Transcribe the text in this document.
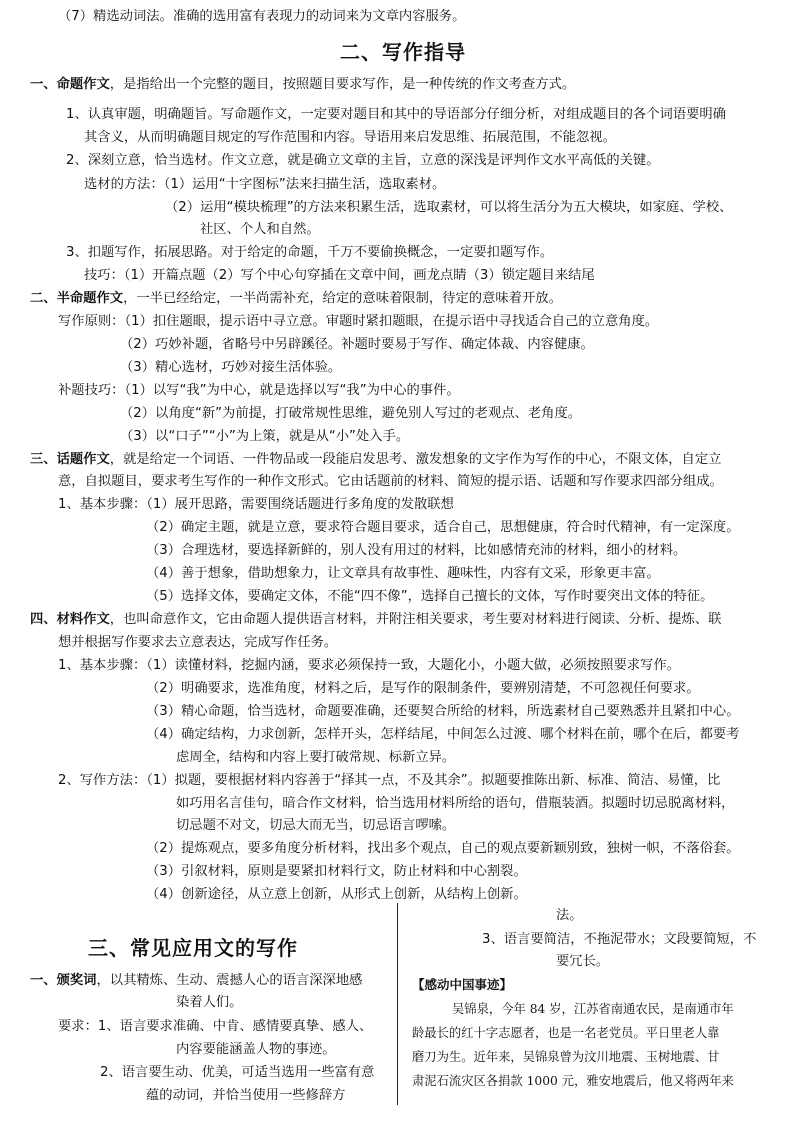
（7）精选动词法。准确的选用富有表现力的动词来为文章内容服务。
二、写作指导
一、命题作文，是指给出一个完整的题目，按照题目要求写作，是一种传统的作文考查方式。
1、认真审题，明确题旨。写命题作文，一定要对题目和其中的导语部分仔细分析，对组成题目的各个词语要明确
其含义，从而明确题目规定的写作范围和内容。导语用来启发思维、拓展范围，不能忽视。
2、深刻立意，恰当选材。作文立意，就是确立文章的主旨，立意的深浅是评判作文水平高低的关键。
选材的方法：（1）运用“十字图标”法来扫描生活，选取素材。
（2）运用“模块梳理”的方法来积累生活，选取素材，可以将生活分为五大模块，如家庭、学校、
社区、个人和自然。
3、扣题写作，拓展思路。对于给定的命题，千万不要偷换概念，一定要扣题写作。
技巧：（1）开篇点题（2）写个中心句穿插在文章中间，画龙点睛（3）锁定题目来结尾
二、半命题作文，一半已经给定，一半尚需补充，给定的意味着限制，待定的意味着开放。
写作原则：（1）扣住题眼，提示语中寻立意。审题时紧扣题眼，在提示语中寻找适合自己的立意角度。
（2）巧妙补题，省略号中另辟蹊径。补题时要易于写作、确定体裁、内容健康。
（3）精心选材，巧妙对接生活体验。
补题技巧：（1）以写“我”为中心，就是选择以写“我”为中心的事件。
（2）以角度“新”为前提，打破常规性思维，避免别人写过的老观点、老角度。
（3）以“口子”“小”为上策，就是从“小”处入手。
三、话题作文，就是给定一个词语、一件物品或一段能启发思考、激发想象的文字作为写作的中心，不限文体，自定立
意，自拟题目，要求考生写作的一种作文形式。它由话题前的材料、简短的提示语、话题和写作要求四部分组成。
1、基本步骤：（1）展开思路，需要围绕话题进行多角度的发散联想
（2）确定主题，就是立意，要求符合题目要求，适合自己，思想健康，符合时代精神，有一定深度。
（3）合理选材，要选择新鲜的，别人没有用过的材料，比如感情充沛的材料，细小的材料。
（4）善于想象，借助想象力，让文章具有故事性、趣味性，内容有文采，形象更丰富。
（5）选择文体，要确定文体，不能“四不像”，选择自己擅长的文体，写作时要突出文体的特征。
四、材料作文，也叫命意作文，它由命题人提供语言材料，并附注相关要求，考生要对材料进行阅读、分析、提炼、联
想并根据写作要求去立意表达，完成写作任务。
1、基本步骤：（1）读懂材料，挖掘内涵，要求必须保持一致，大题化小，小题大做，必须按照要求写作。
（2）明确要求，选准角度，材料之后，是写作的限制条件，要辨别清楚，不可忽视任何要求。
（3）精心命题，恰当选材，命题要准确，还要契合所给的材料，所选素材自己要熟悉并且紧扣中心。
（4）确定结构，力求创新，怎样开头，怎样结尾，中间怎么过渡、哪个材料在前，哪个在后，都要考
虑周全，结构和内容上要打破常规、标新立异。
2、写作方法：（1）拟题，要根据材料内容善于“择其一点，不及其余”。拟题要推陈出新、标准、简洁、易懂，比
如巧用名言佳句，暗合作文材料，恰当选用材料所给的语句，借瓶装酒。拟题时切忌脱离材料，
切忌题不对文，切忌大而无当，切忌语言啰嗦。
（2）提炼观点，要多角度分析材料，找出多个观点，自己的观点要新颖别致，独树一帜，不落俗套。
（3）引叙材料，原则是要紧扣材料行文，防止材料和中心割裂。
（4）创新途径，从立意上创新，从形式上创新，从结构上创新。
三、常见应用文的写作
一、颁奖词，以其精炼、生动、震撼人心的语言深深地感
染着人们。
要求：1、语言要求准确、中肯、感情要真挚、感人、
内容要能涵盖人物的事迹。
2、语言要生动、优美，可适当选用一些富有意
蕴的动词，并恰当使用一些修辞方
法。
3、语言要简洁，不拖泥带水；文段要简短，不
要冗长。
【感动中国事迹】
吴锦泉，今年 84 岁，江苏省南通农民，是南通市年
龄最长的红十字志愿者，也是一名老党员。平日里老人靠
磨刀为生。近年来，吴锦泉曾为汶川地震、玉树地震、甘
肃泥石流灾区各捐款 1000 元，雅安地震后，他又将两年来
